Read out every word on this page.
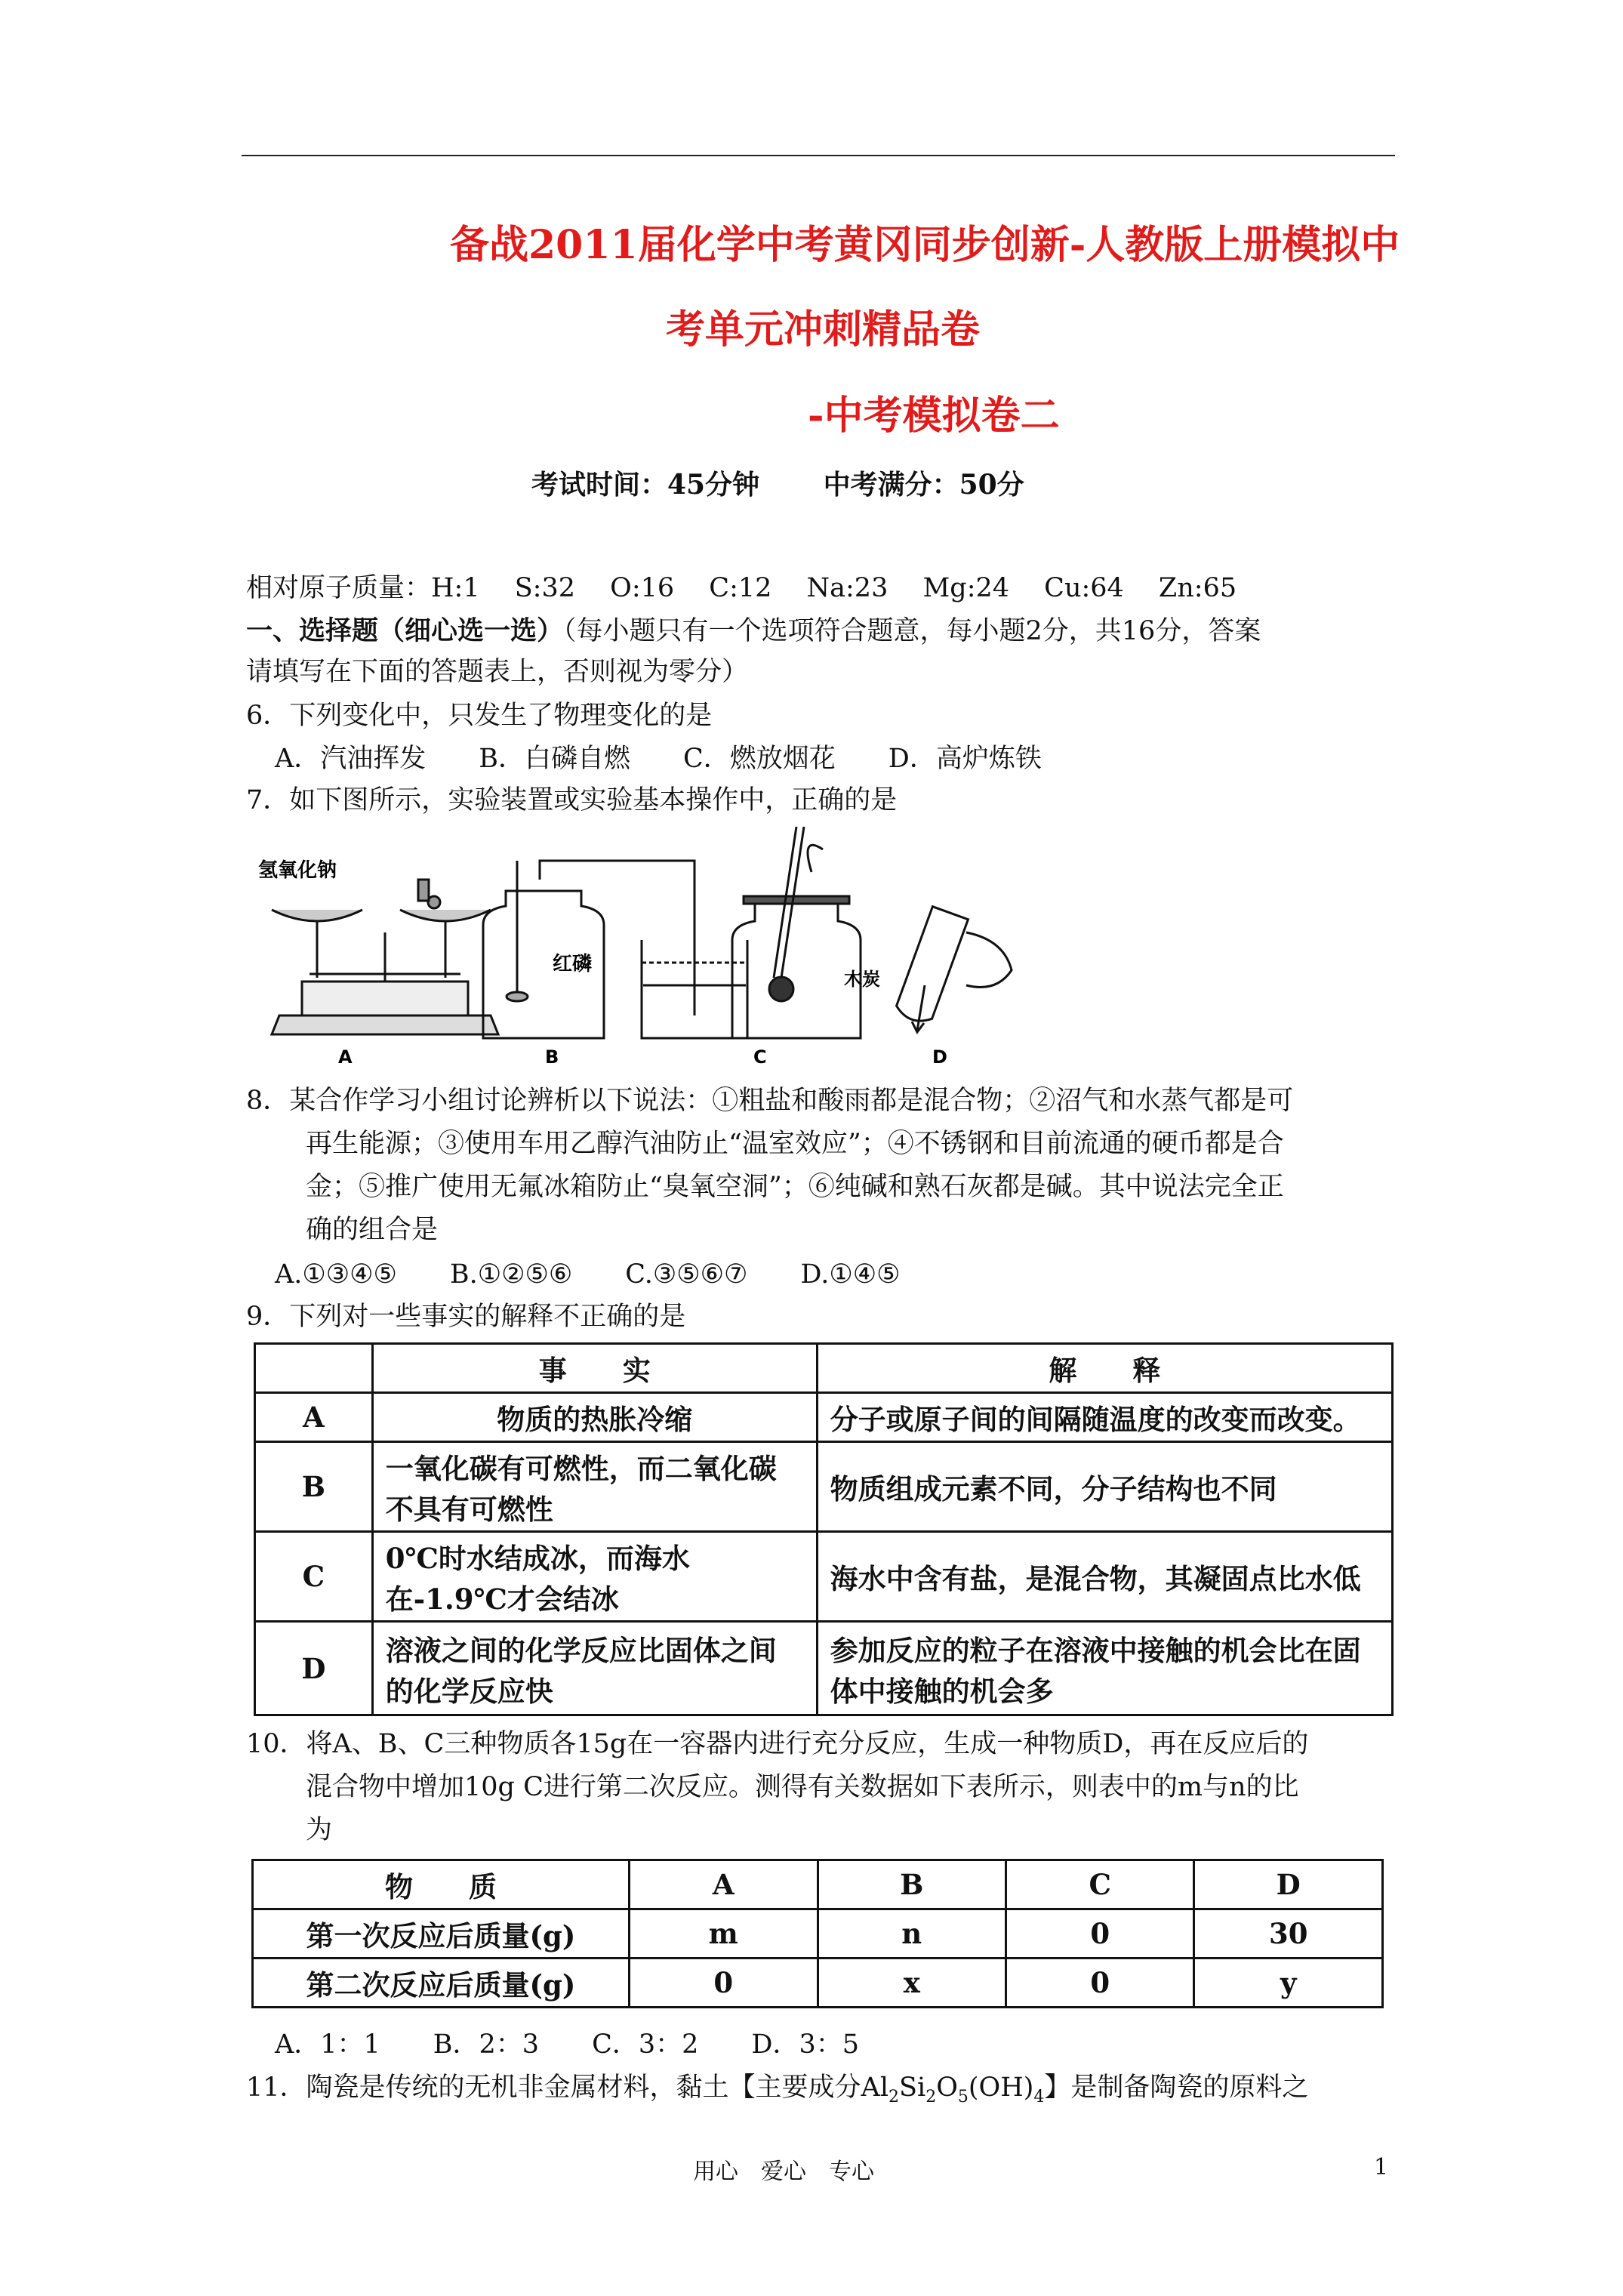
备战2011届化学中考黄冈同步创新-人教版上册模拟中
考单元冲刺精品卷
-中考模拟卷二
考试时间：45分钟　　 中考满分：50分
相对原子质量：H:1　 S:32　 O:16　 C:12　 Na:23　 Mg:24　 Cu:64　 Zn:65
一、选择题（细心选一选）（每小题只有一个选项符合题意，每小题2分，共16分，答案
请填写在下面的答题表上，否则视为零分）
6．下列变化中，只发生了物理变化的是
A．汽油挥发　　B．白磷自燃　　C．燃放烟花　　D．高炉炼铁
7．如下图所示，实验装置或实验基本操作中，正确的是
氢氧化钠
A
红磷
B
木炭
C	D
8．某合作学习小组讨论辨析以下说法：①粗盐和酸雨都是混合物；②沼气和水蒸气都是可
再生能源；③使用车用乙醇汽油防止“温室效应”；④不锈钢和目前流通的硬币都是合
金；⑤推广使用无氟冰箱防止“臭氧空洞”；⑥纯碱和熟石灰都是碱。其中说法完全正
确的组合是
A.①③④⑤　　B.①②⑤⑥　　C.③⑤⑥⑦　　D.①④⑤
9．下列对一些事实的解释不正确的是
	事　　实	解　　释
A	物质的热胀冷缩	分子或原子间的间隔随温度的改变而改变。
B	一氧化碳有可燃性，而二氧化碳不具有可燃性	物质组成元素不同，分子结构也不同
C	0℃时水结成冰，而海水在-1.9℃才会结冰	海水中含有盐，是混合物，其凝固点比水低
D	溶液之间的化学反应比固体之间的化学反应快	参加反应的粒子在溶液中接触的机会比在固体中接触的机会多
10．将A、B、C三种物质各15g在一容器内进行充分反应，生成一种物质D，再在反应后的
混合物中增加10g C进行第二次反应。测得有关数据如下表所示，则表中的m与n的比
为
物　　质	A	B	C	D
第一次反应后质量(g)	m	n	0	30
第二次反应后质量(g)	0	x	0	y
A．1：1　　B．2：3　　C．3：2　　D．3：5
11．陶瓷是传统的无机非金属材料，黏土【主要成分$Al_2Si_2O_5(OH)_4$】是制备陶瓷的原料之
用心　爱心　专心	1
